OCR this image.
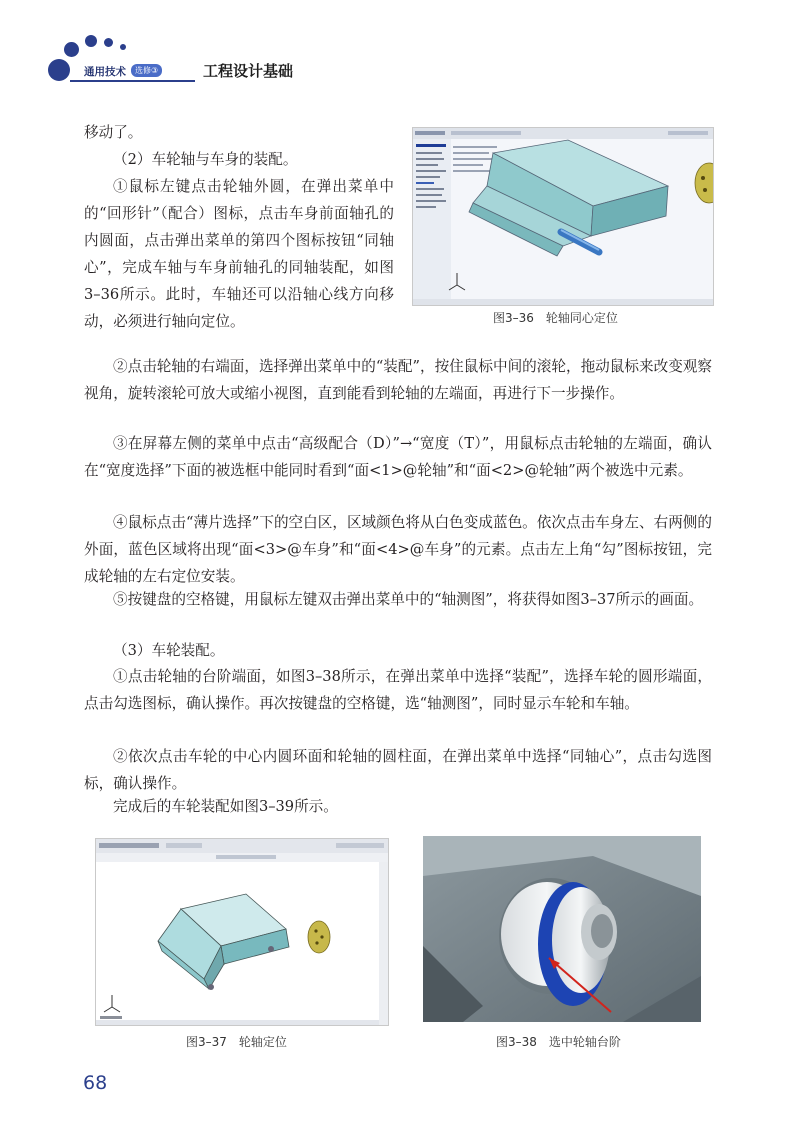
通用技术	选修③	工程设计基础

移动了。

（2）车轮轴与车身的装配。

①鼠标左键点击轮轴外圆，在弹出菜单中的“回形针”（配合）图标，点击车身前面轴孔的内圆面，点击弹出菜单的第四个图标按钮“同轴心”，完成车轴与车身前轴孔的同轴装配，如图3–36所示。此时，车轴还可以沿轴心线方向移动，必须进行轴向定位。

②点击轮轴的右端面，选择弹出菜单中的“装配”，按住鼠标中间的滚轮，拖动鼠标来改变观察视角，旋转滚轮可放大或缩小视图，直到能看到轮轴的左端面，再进行下一步操作。

③在屏幕左侧的菜单中点击“高级配合（D）”→“宽度（T）”，用鼠标点击轮轴的左端面，确认在“宽度选择”下面的被选框中能同时看到“面<1>@轮轴”和“面<2>@轮轴”两个被选中元素。

④鼠标点击“薄片选择”下的空白区，区域颜色将从白色变成蓝色。依次点击车身左、右两侧的外面，蓝色区域将出现“面<3>@车身”和“面<4>@车身”的元素。点击左上角“勾”图标按钮，完成轮轴的左右定位安装。

⑤按键盘的空格键，用鼠标左键双击弹出菜单中的“轴测图”，将获得如图3–37所示的画面。

（3）车轮装配。

①点击轮轴的台阶端面，如图3–38所示，在弹出菜单中选择“装配”，选择车轮的圆形端面，点击勾选图标，确认操作。再次按键盘的空格键，选“轴测图”，同时显示车轮和车轴。

②依次点击车轮的中心内圆环面和轮轴的圆柱面，在弹出菜单中选择“同轴心”，点击勾选图标，确认操作。

完成后的车轮装配如图3–39所示。

图3–36　轮轴同心定位
图3–37　轮轴定位	图3–38　选中轮轴台阶
68
